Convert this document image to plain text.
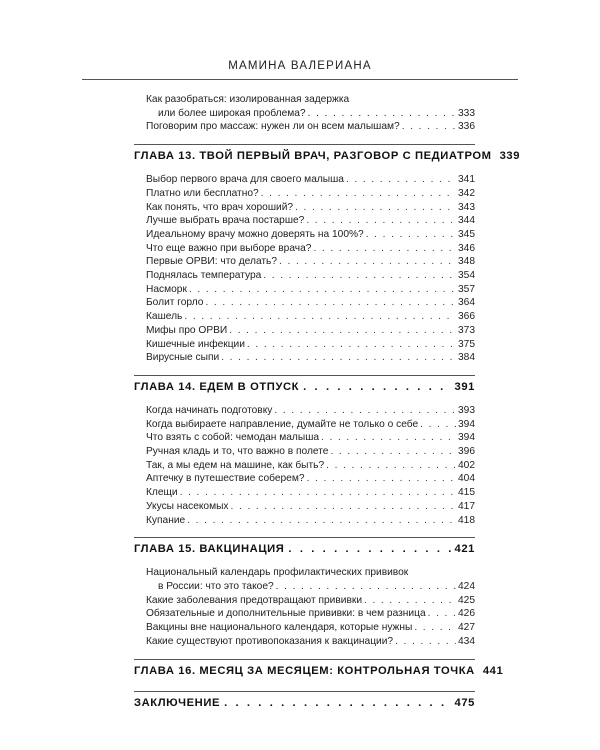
МАМИНА ВАЛЕРИАНА
Как разобраться: изолированная задержка
или более широкая проблема? . . .	333
Поговорим про массаж: нужен ли он всем малышам? . . .	336
ГЛАВА 13. ТВОЙ ПЕРВЫЙ ВРАЧ, РАЗГОВОР С ПЕДИАТРОМ 339
Выбор первого врача для своего малыша . . .	341
Платно или бесплатно? . . .	342
Как понять, что врач хороший? . . .	343
Лучше выбрать врача постарше? . . .	344
Идеальному врачу можно доверять на 100%? . . .	345
Что еще важно при выборе врача? . . .	346
Первые ОРВИ: что делать? . . .	348
Поднялась температура . . .	354
Насморк . . .	357
Болит горло . . .	364
Кашель . . .	366
Мифы про ОРВИ . . .	373
Кишечные инфекции . . .	375
Вирусные сыпи . . .	384
ГЛАВА 14. ЕДЕМ В ОТПУСК . . .	391
Когда начинать подготовку . . .	393
Когда выбираете направление, думайте не только о себе . . .	394
Что взять с собой: чемодан малыша . . .	394
Ручная кладь и то, что важно в полете . . .	396
Так, а мы едем на машине, как быть? . . .	402
Аптечку в путешествие соберем? . . .	404
Клещи . . .	415
Укусы насекомых . . .	417
Купание . . .	418
ГЛАВА 15. ВАКЦИНАЦИЯ . . .	421
Национальный календарь профилактических прививок
в России: что это такое? . . .	424
Какие заболевания предотвращают прививки . . .	425
Обязательные и дополнительные прививки: в чем разница . . .	426
Вакцины вне национального календаря, которые нужны . . .	427
Какие существуют противопоказания к вакцинации? . . .	434
ГЛАВА 16. МЕСЯЦ ЗА МЕСЯЦЕМ: КОНТРОЛЬНАЯ ТОЧКА 441
ЗАКЛЮЧЕНИЕ . . .	475
